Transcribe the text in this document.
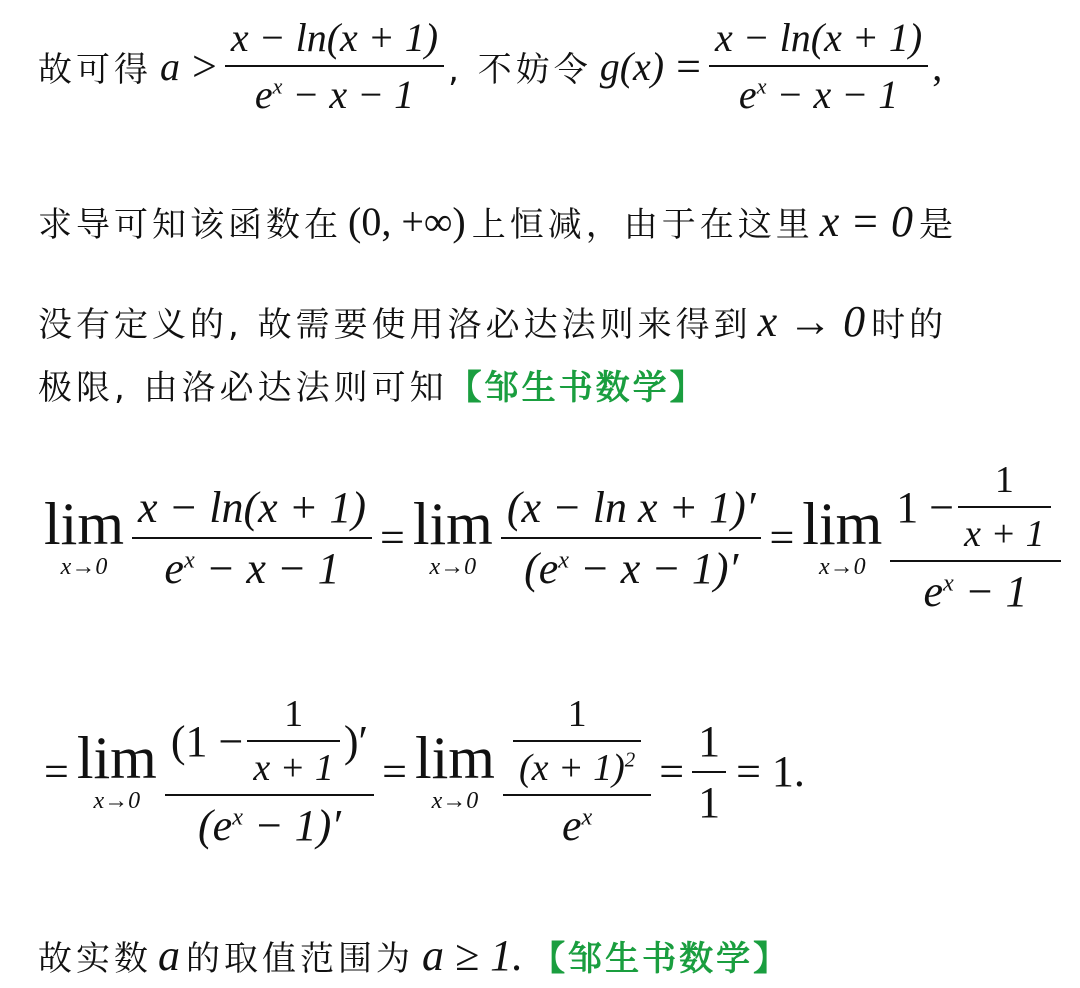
故可得 $a > \frac{x - \ln(x + 1)}{e^x - x - 1}$ , 不妨令 $g(x) = \frac{x - \ln(x + 1)}{e^x - x - 1}$ ,
求导可知该函数在 (0, +∞) 上恒减，由于在这里 x = 0 是
没有定义的, 故需要使用洛必达法则来得到 x → 0 时的
极限, 由洛必达法则可知 【邹生书数学】
lim
$x\to 0 \frac{x - \ln(x + 1)}{e^x - x - 1} = \lim$
$x\to 0 \frac{\text{(x − ln x + 1)′}}{(e^x - x - 1)'} = \lim$
$x\to 0 \frac{1 - \frac{1}{x + 1}}{e^x - 1}$
= lim
$x\to 0 \frac{(1 - \frac{1}{x + 1} )'}{(e^x - 1)'} = \lim$
$x\to 0 \frac{\frac{1}{(x + 1)^2}}{e^x} = \frac{1}{1} = 1$.
故实数 a 的取值范围为 a ≥ 1. 【邹生书数学】
